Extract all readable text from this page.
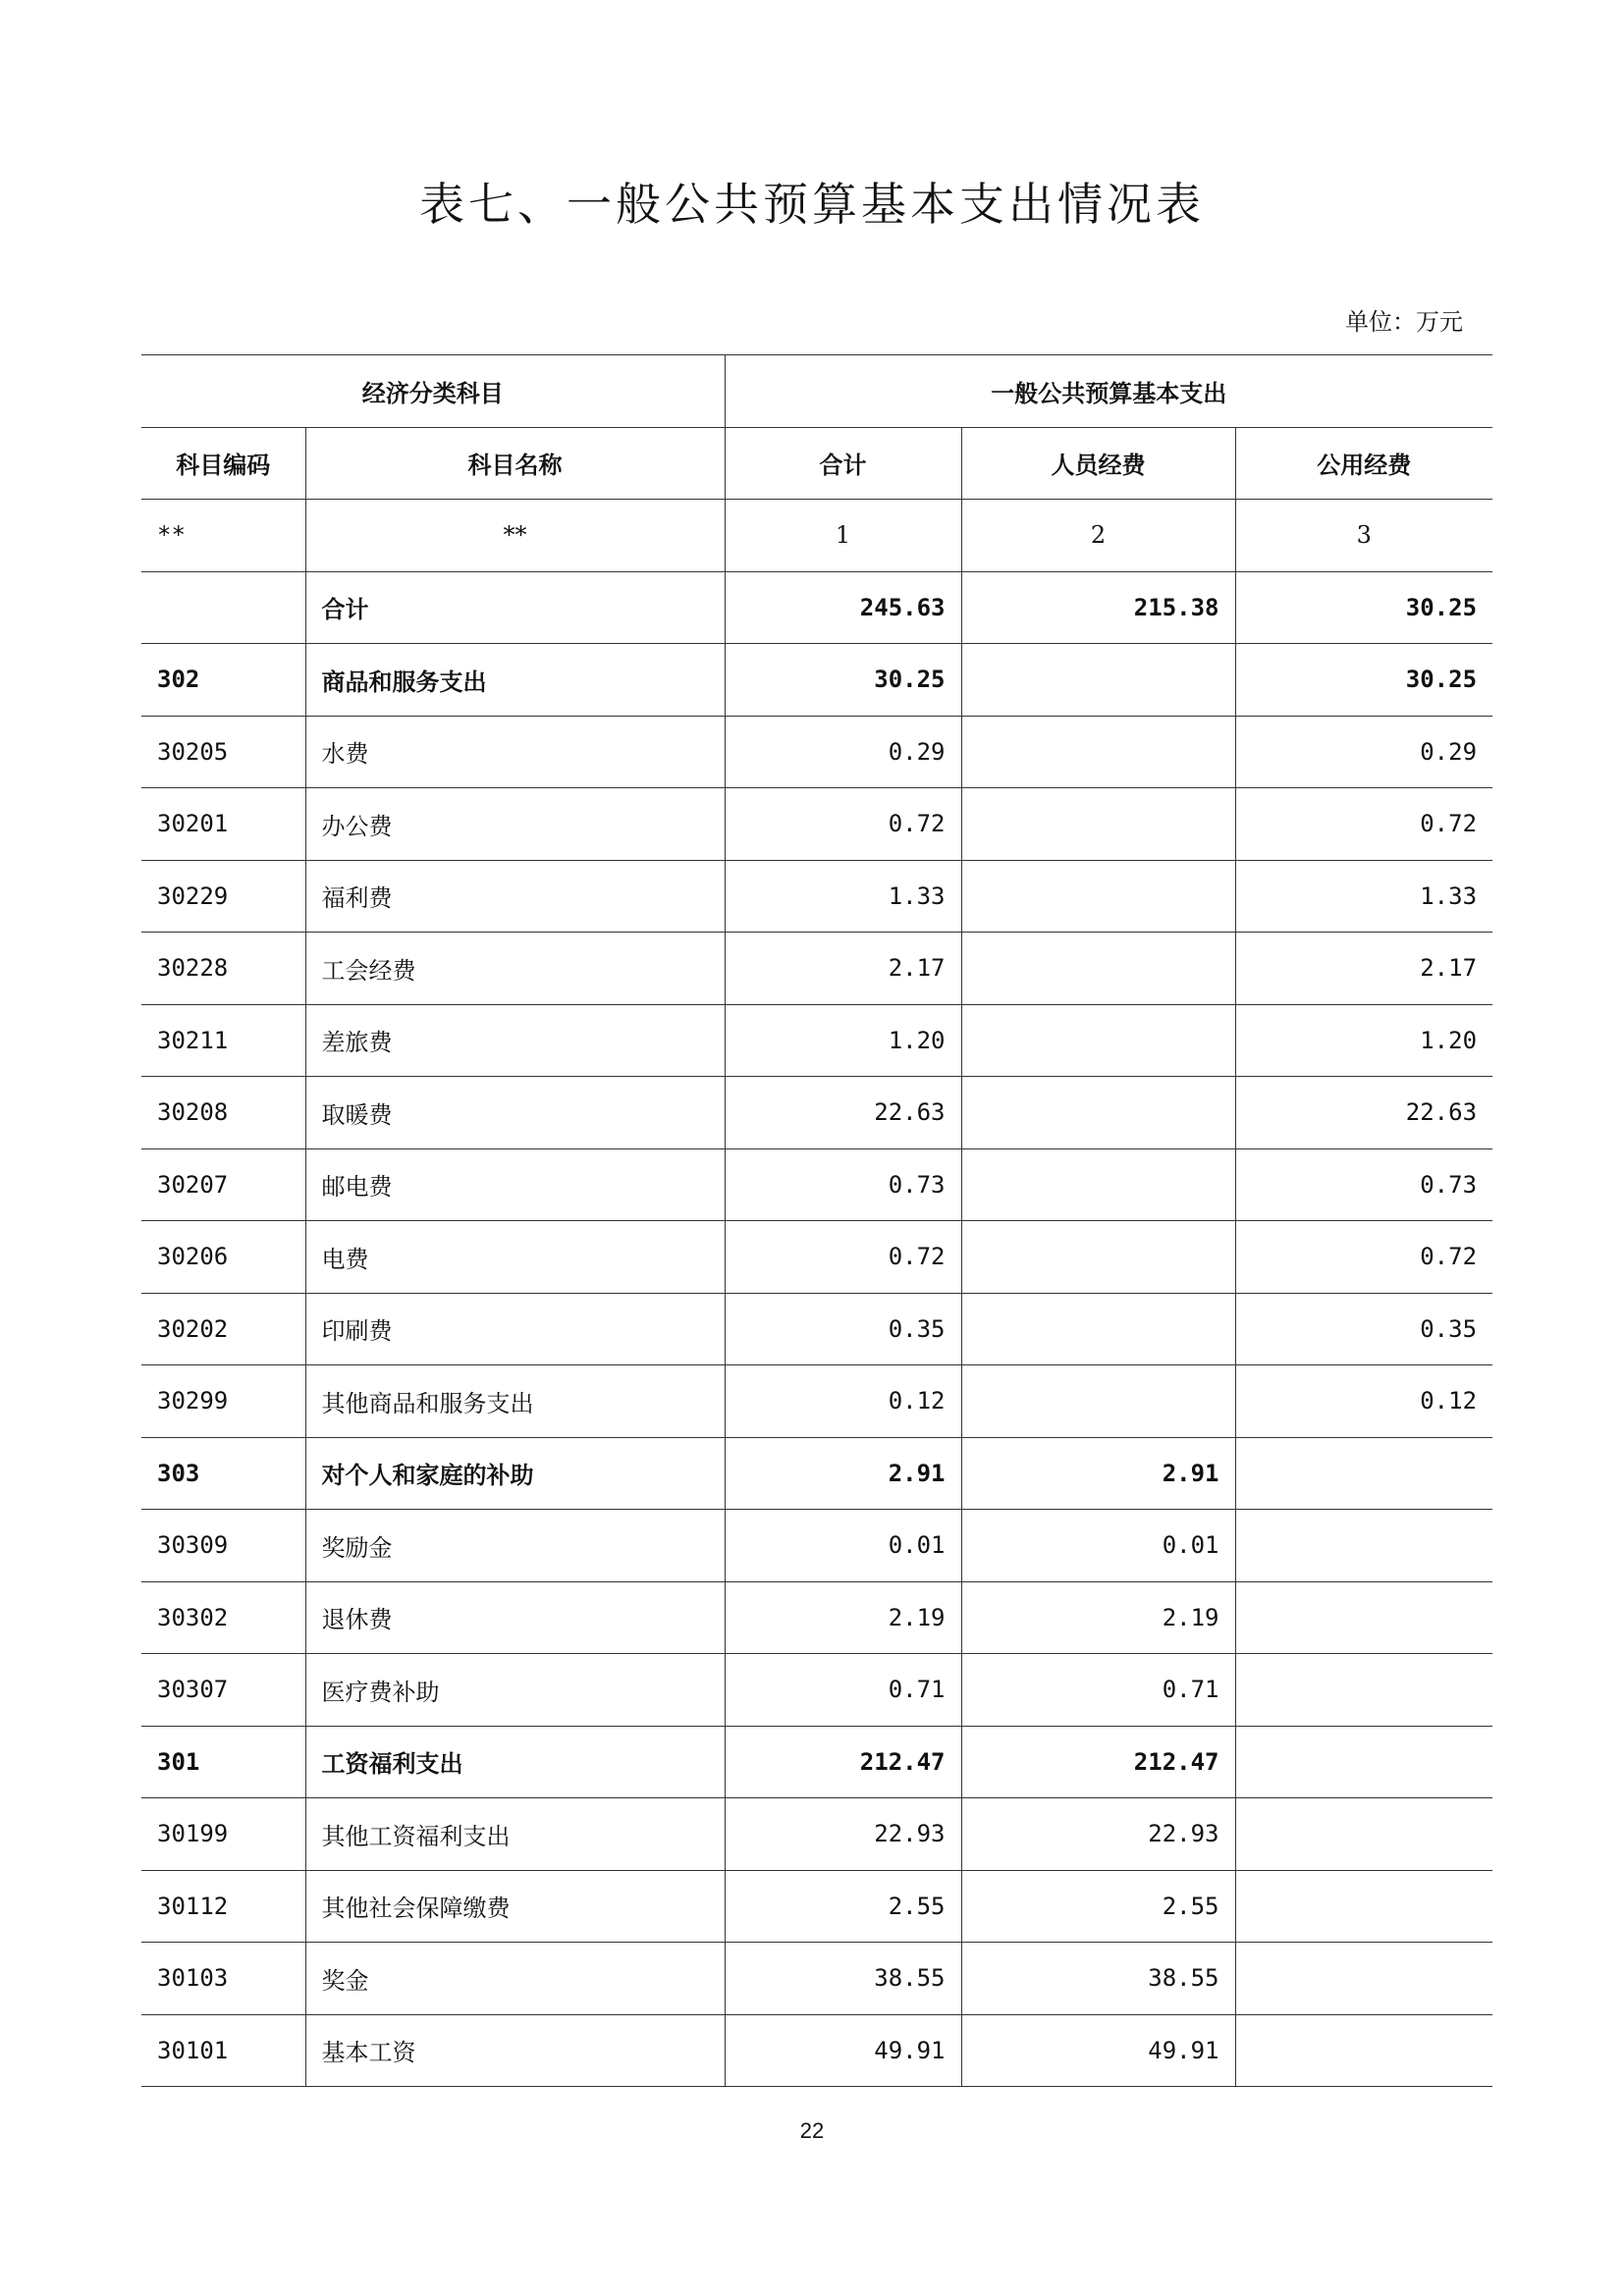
表七、一般公共预算基本支出情况表
单位：万元
经济分类科目		一般公共预算基本支出		
科目编码	科目名称	合计	人员经费	公用经费
**	**	1	2	3
	合计	245.63	215.38	30.25
302	商品和服务支出	30.25		30.25
30205	水费	0.29		0.29
30201	办公费	0.72		0.72
30229	福利费	1.33		1.33
30228	工会经费	2.17		2.17
30211	差旅费	1.20		1.20
30208	取暖费	22.63		22.63
30207	邮电费	0.73		0.73
30206	电费	0.72		0.72
30202	印刷费	0.35		0.35
30299	其他商品和服务支出	0.12		0.12
303	对个人和家庭的补助	2.91	2.91	
30309	奖励金	0.01	0.01	
30302	退休费	2.19	2.19	
30307	医疗费补助	0.71	0.71	
301	工资福利支出	212.47	212.47	
30199	其他工资福利支出	22.93	22.93	
30112	其他社会保障缴费	2.55	2.55	
30103	奖金	38.55	38.55	
30101	基本工资	49.91	49.91	
22
